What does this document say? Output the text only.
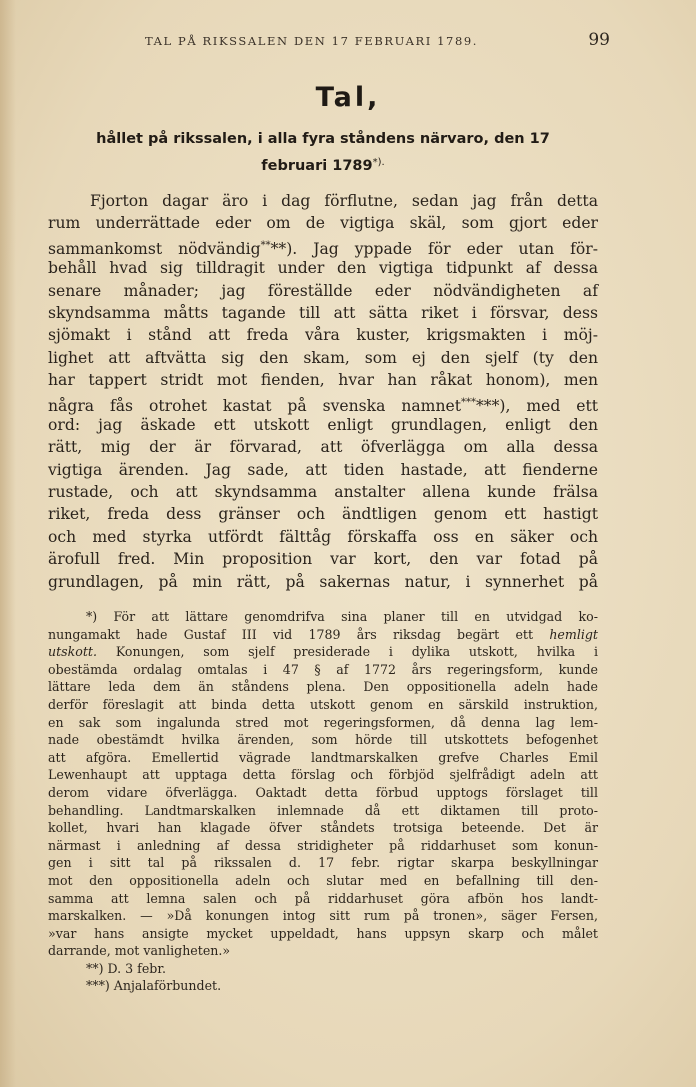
TAL PÅ RIKSSALEN DEN 17 FEBRUARI 1789.	99
Tal,
hållet på rikssalen, i alla fyra ståndens närvaro, den 17
februari 1789*).
Fjorton dagar äro i dag förflutne, sedan jag från detta
rum underrättade eder om de vigtiga skäl, som gjort eder
sammankomst nödvändig****). Jag yppade för eder utan för-
behåll hvad sig tilldragit under den vigtiga tidpunkt af dessa
senare månader; jag föreställde eder nödvändigheten af
skyndsamma måtts tagande till att sätta riket i försvar, dess
sjömakt i stånd att freda våra kuster, krigsmakten i möj-
lighet att aftvätta sig den skam, som ej den sjelf (ty den
har tappert stridt mot fienden, hvar han råkat honom), men
några fås otrohet kastat på svenska namnet******), med ett
ord: jag äskade ett utskott enligt grundlagen, enligt den
rätt, mig der är förvarad, att öfverlägga om alla dessa
vigtiga ärenden. Jag sade, att tiden hastade, att fienderne
rustade, och att skyndsamma anstalter allena kunde frälsa
riket, freda dess gränser och ändtligen genom ett hastigt
och med styrka utfördt fälttåg förskaffa oss en säker och
ärofull fred. Min proposition var kort, den var fotad på
grundlagen, på min rätt, på sakernas natur, i synnerhet på
*) För att lättare genomdrifva sina planer till en utvidgad ko-
nungamakt hade Gustaf III vid 1789 års riksdag begärt ett hemligt
utskott. Konungen, som sjelf presiderade i dylika utskott, hvilka i
obestämda ordalag omtalas i 47 § af 1772 års regeringsform, kunde
lättare leda dem än ståndens plena. Den oppositionella adeln hade
derför föreslagit att binda detta utskott genom en särskild instruktion,
en sak som ingalunda stred mot regeringsformen, då denna lag lem-
nade obestämdt hvilka ärenden, som hörde till utskottets befogenhet
att afgöra. Emellertid vägrade landtmarskalken grefve Charles Emil
Lewenhaupt att upptaga detta förslag och förbjöd sjelfrådigt adeln att
derom vidare öfverlägga. Oaktadt detta förbud upptogs förslaget till
behandling. Landtmarskalken inlemnade då ett diktamen till proto-
kollet, hvari han klagade öfver ståndets trotsiga beteende. Det är
närmast i anledning af dessa stridigheter på riddarhuset som konun-
gen i sitt tal på rikssalen d. 17 febr. rigtar skarpa beskyllningar
mot den oppositionella adeln och slutar med en befallning till den-
samma att lemna salen och på riddarhuset göra afbön hos landt-
marskalken. — »Då konungen intog sitt rum på tronen», säger Fersen,
»var hans ansigte mycket uppeldadt, hans uppsyn skarp och målet
darrande, mot vanligheten.»
**) D. 3 febr.
***) Anjalaförbundet.
